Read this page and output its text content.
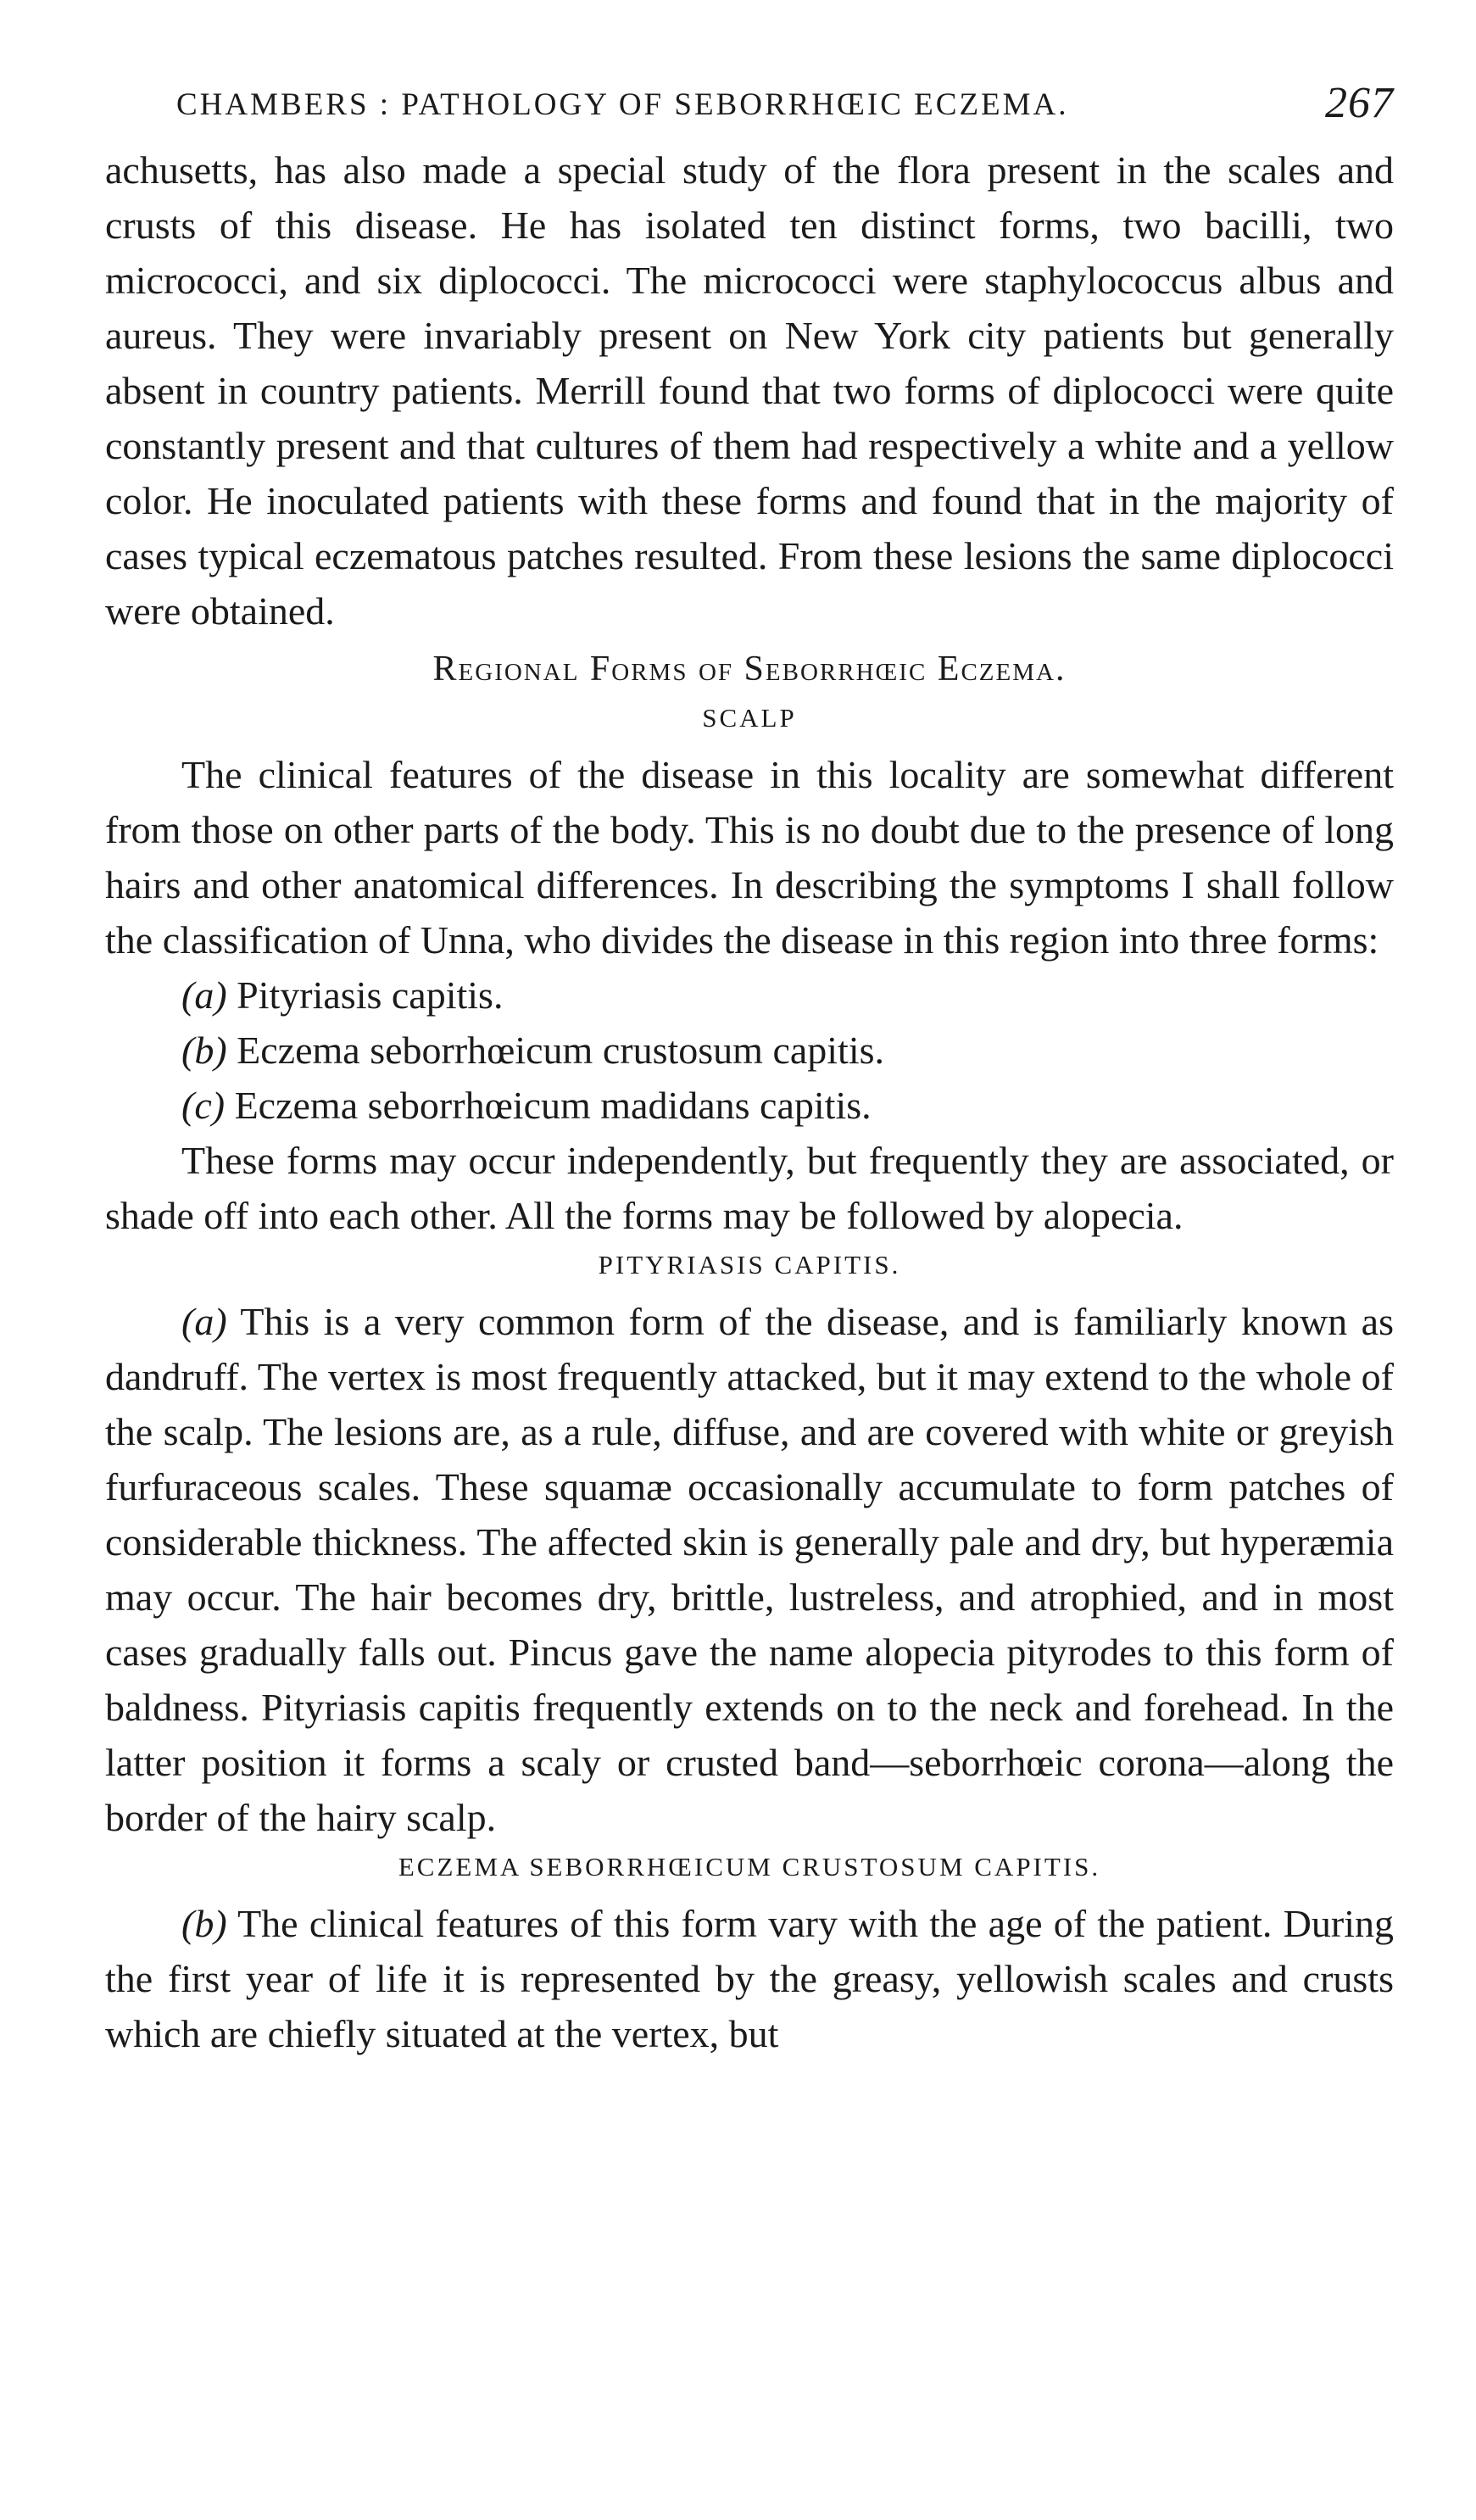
CHAMBERS : PATHOLOGY OF SEBORRHŒIC ECZEMA.	267

achusetts, has also made a special study of the flora present in the scales and crusts of this disease. He has isolated ten distinct forms, two bacilli, two micrococci, and six diplococci. The micrococci were staphylococcus albus and aureus. They were invariably present on New York city patients but generally absent in country patients. Merrill found that two forms of diplococci were quite constantly present and that cultures of them had respectively a white and a yellow color. He inoculated patients with these forms and found that in the majority of cases typical eczematous patches resulted. From these lesions the same diplococci were obtained.

Regional Forms of Seborrhœic Eczema.
SCALP

The clinical features of the disease in this locality are somewhat different from those on other parts of the body. This is no doubt due to the presence of long hairs and other anatomical differences. In describing the symptoms I shall follow the classification of Unna, who divides the disease in this region into three forms:

(a) Pityriasis capitis.
(b) Eczema seborrhœicum crustosum capitis.
(c) Eczema seborrhœicum madidans capitis.

These forms may occur independently, but frequently they are associated, or shade off into each other. All the forms may be followed by alopecia.

PITYRIASIS CAPITIS.

(a) This is a very common form of the disease, and is familiarly known as dandruff. The vertex is most frequently attacked, but it may extend to the whole of the scalp. The lesions are, as a rule, diffuse, and are covered with white or greyish furfuraceous scales. These squamæ occasionally accumulate to form patches of considerable thickness. The affected skin is generally pale and dry, but hyperæmia may occur. The hair becomes dry, brittle, lustreless, and atrophied, and in most cases gradually falls out. Pincus gave the name alopecia pityrodes to this form of baldness. Pityriasis capitis frequently extends on to the neck and forehead. In the latter position it forms a scaly or crusted band—seborrhœic corona—along the border of the hairy scalp.

ECZEMA SEBORRHŒICUM CRUSTOSUM CAPITIS.

(b) The clinical features of this form vary with the age of the patient. During the first year of life it is represented by the greasy, yellowish scales and crusts which are chiefly situated at the vertex, but
